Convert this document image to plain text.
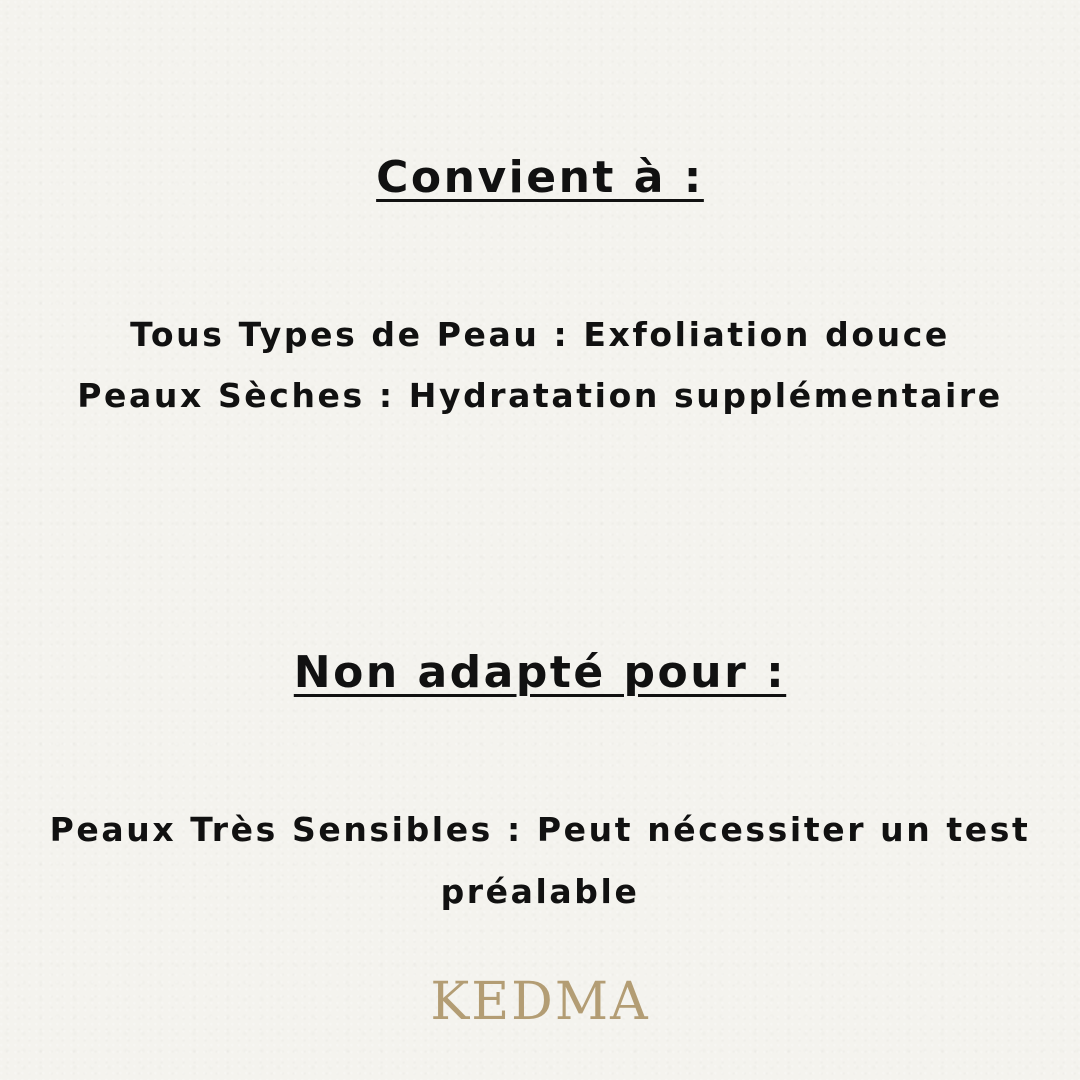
Convient à :

Tous Types de Peau : Exfoliation douce

Peaux Sèches : Hydratation supplémentaire

Non adapté pour :

Peaux Très Sensibles : Peut nécessiter un test

préalable

KEDMA
